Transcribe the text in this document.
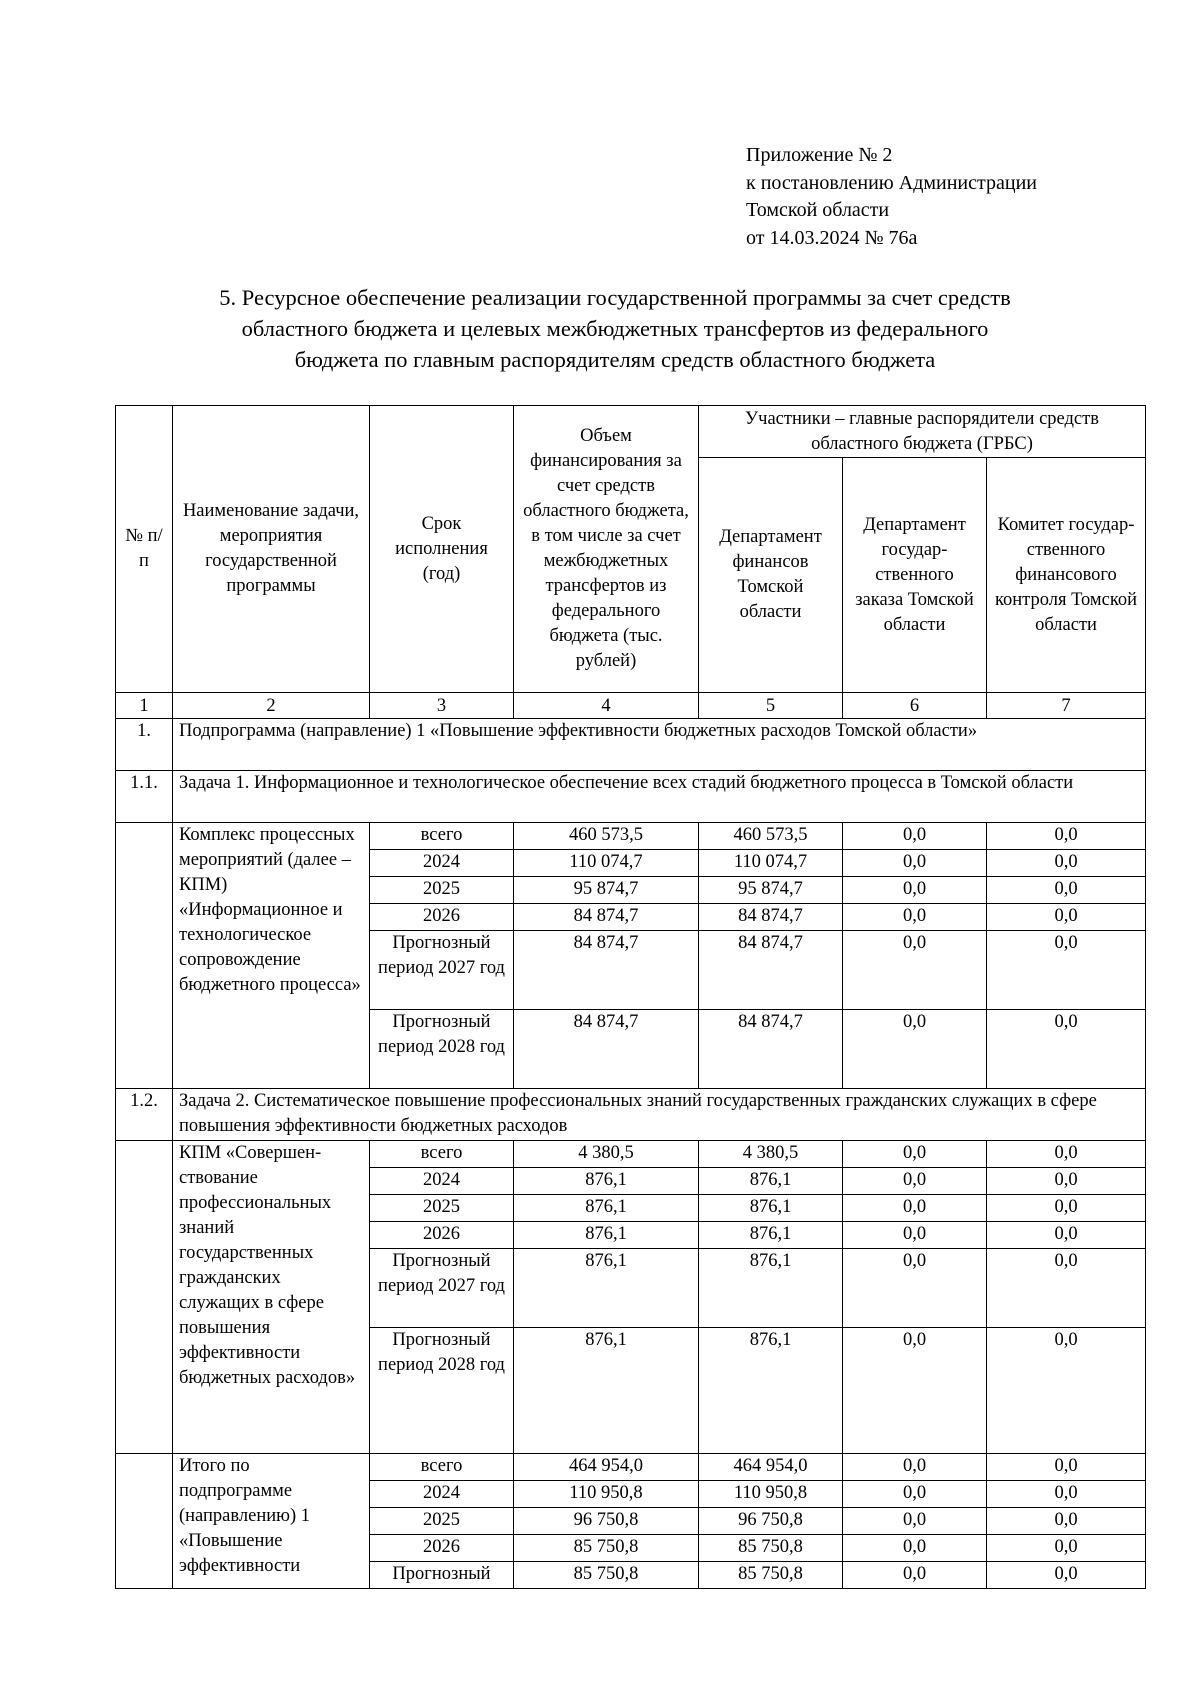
Приложение № 2
к постановлению Администрации
Томской области
от 14.03.2024 № 76а
5. Ресурсное обеспечение реализации государственной программы за счет средств
областного бюджета и целевых межбюджетных трансфертов из федерального
бюджета по главным распорядителям средств областного бюджета
№ п/п	Наименование задачи, мероприятия государственной программы	Срок исполнения (год)	Объем финансирования за счет средств областного бюджета, в том числе за счет межбюджетных трансфертов из федерального бюджета (тыс. рублей)	Участники – главные распорядители средств областного бюджета (ГРБС)		
				Департамент финансов Томской области	Департамент государ-ственного заказа Томской области	Комитет государ-ственного финансового контроля Томской области
1	2	3	4	5	6	7
1.	Подпрограмма (направление) 1 «Повышение эффективности бюджетных расходов Томской области»					
1.1.	Задача 1. Информационное и технологическое обеспечение всех стадий бюджетного процесса в Томской области					
	Комплекс процессных мероприятий (далее – КПМ) «Информационное и технологическое сопровождение бюджетного процесса»	всего	460 573,5	460 573,5	0,0	0,0
		2024	110 074,7	110 074,7	0,0	0,0
		2025	95 874,7	95 874,7	0,0	0,0
		2026	84 874,7	84 874,7	0,0	0,0
		Прогнозный период 2027 год	84 874,7	84 874,7	0,0	0,0
		Прогнозный период 2028 год	84 874,7	84 874,7	0,0	0,0
1.2.	Задача 2. Систематическое повышение профессиональных знаний государственных гражданских служащих в сфере повышения эффективности бюджетных расходов					
	КПМ «Совершен-ствование профессиональных знаний государственных гражданских служащих в сфере повышения эффективности бюджетных расходов»	всего	4 380,5	4 380,5	0,0	0,0
		2024	876,1	876,1	0,0	0,0
		2025	876,1	876,1	0,0	0,0
		2026	876,1	876,1	0,0	0,0
		Прогнозный период 2027 год	876,1	876,1	0,0	0,0
		Прогнозный период 2028 год	876,1	876,1	0,0	0,0
	Итого по подпрограмме (направлению) 1 «Повышение эффективности	всего	464 954,0	464 954,0	0,0	0,0
		2024	110 950,8	110 950,8	0,0	0,0
		2025	96 750,8	96 750,8	0,0	0,0
		2026	85 750,8	85 750,8	0,0	0,0
		Прогнозный	85 750,8	85 750,8	0,0	0,0
